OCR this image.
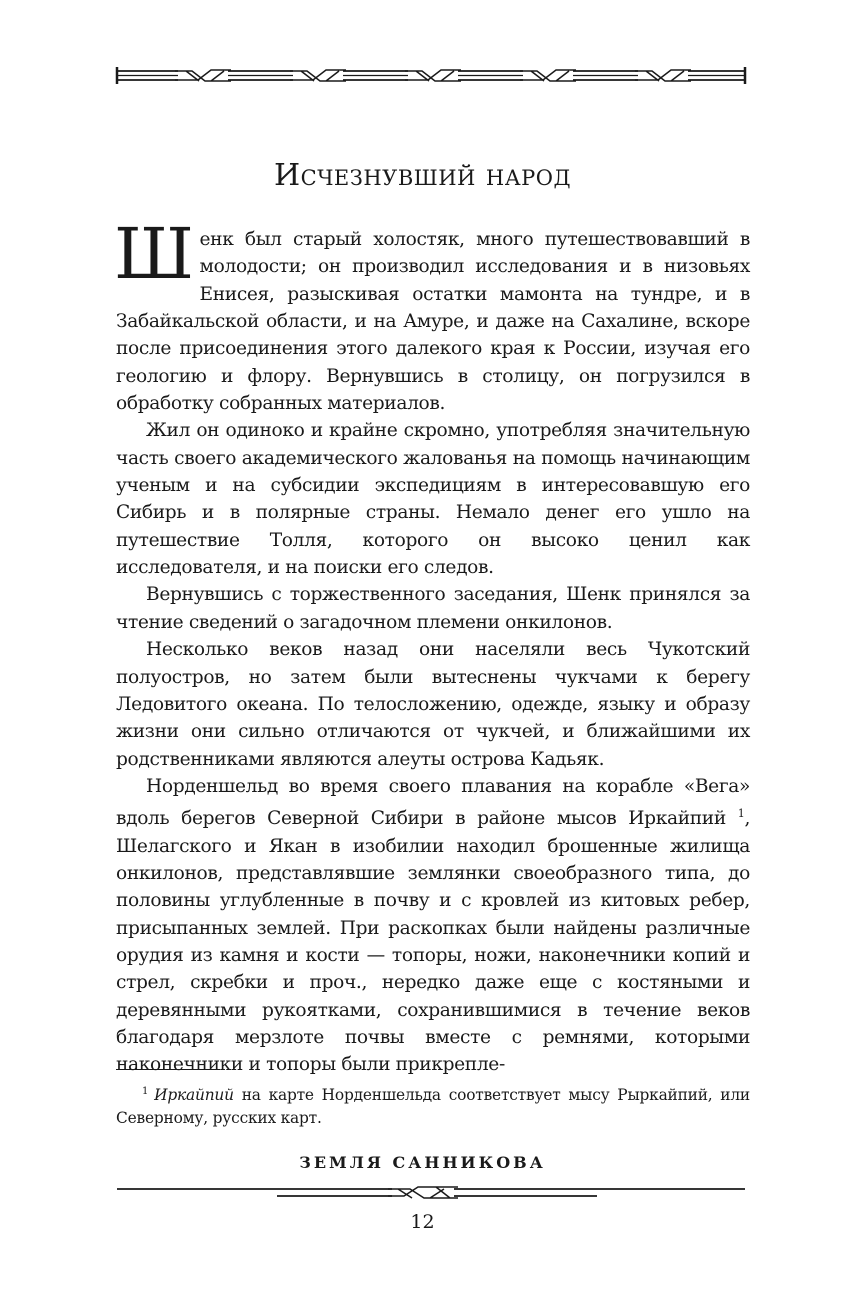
Исчезнувший народ

Шенк был старый холостяк, много путешествовавший в молодости; он производил исследования и в низовьях Енисея, разыскивая остатки мамонта на тундре, и в Забайкальской области, и на Амуре, и даже на Сахалине, вскоре после присоединения этого далекого края к России, изучая его геологию и флору. Вернувшись в столицу, он погрузился в обработку собранных материалов.

Жил он одиноко и крайне скромно, употребляя значительную часть своего академического жалованья на помощь начинающим ученым и на субсидии экспедициям в интересовавшую его Сибирь и в полярные страны. Немало денег его ушло на путешествие Толля, которого он высоко ценил как исследователя, и на поиски его следов.

Вернувшись с торжественного заседания, Шенк принялся за чтение сведений о загадочном племени онкилонов.

Несколько веков назад они населяли весь Чукотский полуостров, но затем были вытеснены чукчами к берегу Ледовитого океана. По телосложению, одежде, языку и образу жизни они сильно отличаются от чукчей, и ближайшими их родственниками являются алеуты острова Кадьяк.

Норденшельд во время своего плавания на корабле «Вега» вдоль берегов Северной Сибири в районе мысов Иркайпий $^1$, Шелагского и Якан в изобилии находил брошенные жилища онкилонов, представлявшие землянки своеобразного типа, до половины углубленные в почву и с кровлей из китовых ребер, присыпанных землей. При раскопках были найдены различные орудия из камня и кости — топоры, ножи, наконечники копий и стрел, скребки и проч., нередко даже еще с костяными и деревянными рукоятками, сохранившимися в течение веков благодаря мерзлоте почвы вместе с ремнями, которыми наконечники и топоры были прикрепле-

$^1$ Иркайпий на карте Норденшельда соответствует мысу Рыркайпий, или Северному, русских карт.

ЗЕМЛЯ САННИКОВА
12
